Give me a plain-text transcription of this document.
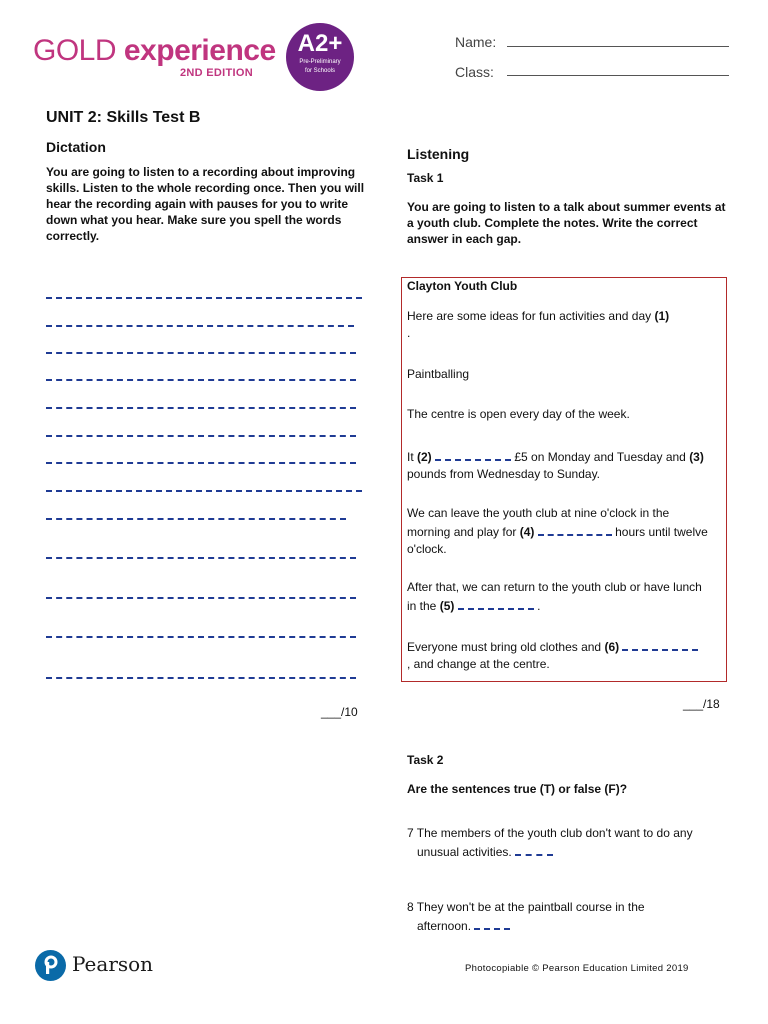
GOLD experience
2ND EDITION
A2+
Pre-Preliminary
for Schools
Name:
Class:
UNIT 2: Skills Test B
Dictation
You are going to listen to a recording about improving skills. Listen to the whole recording once. Then you will hear the recording again with pauses for you to write down what you hear. Make sure you spell the words correctly.
___/10
Listening
Task 1
You are going to listen to a talk about summer events at a youth club. Complete the notes. Write the correct answer in each gap.
Clayton Youth Club
Here are some ideas for fun activities and day (1)
.
Paintballing
The centre is open every day of the week.
It (2)	£5 on Monday and Tuesday and (3)
pounds from Wednesday to Sunday.
We can leave the youth club at nine o'clock in the morning and play for (4)	hours until twelve o'clock.
After that, we can return to the youth club or have lunch in the (5)	.
Everyone must bring old clothes and (6)
, and change at the centre.
___/18
Task 2
Are the sentences true (T) or false (F)?
7 The members of the youth club don't want to do any
unusual activities.
8 They won't be at the paintball course in the
afternoon.
Pearson	Photocopiable © Pearson Education Limited 2019
